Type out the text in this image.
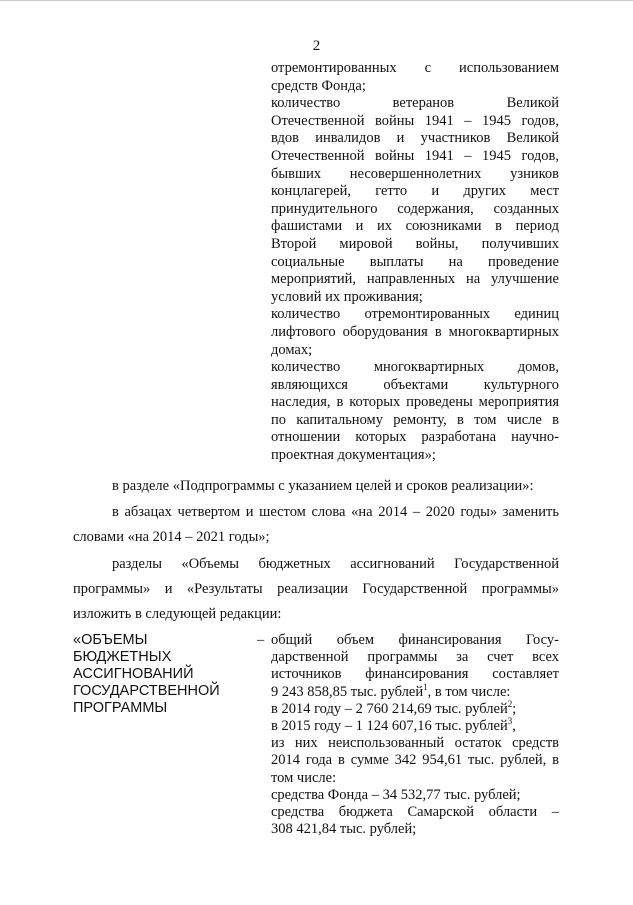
2
отремонтированных с использованием
средств Фонда;
количество ветеранов Великой
Отечественной войны 1941 – 1945 годов,
вдов инвалидов и участников Великой
Отечественной войны 1941 – 1945 годов,
бывших несовершеннолетних узников
концлагерей, гетто и других мест
принудительного содержания, созданных
фашистами и их союзниками в период
Второй мировой войны, получивших
социальные выплаты на проведение
мероприятий, направленных на улучшение
условий их проживания;
количество отремонтированных единиц
лифтового оборудования в многоквартирных
домах;
количество многоквартирных домов,
являющихся объектами культурного
наследия, в которых проведены мероприятия
по капитальному ремонту, в том числе в
отношении которых разработана научно-
проектная документация»;
в разделе «Подпрограммы с указанием целей и сроков реализации»:
в абзацах четвертом и шестом слова «на 2014 – 2020 годы» заменить
словами «на 2014 – 2021 годы»;
разделы «Объемы бюджетных ассигнований Государственной
программы» и «Результаты реализации Государственной программы»
изложить в следующей редакции:
«ОБЪЕМЫ
БЮДЖЕТНЫХ
АССИГНОВАНИЙ
ГОСУДАРСТВЕННОЙ
ПРОГРАММЫ
– общий объем финансирования Госу-
дарственной программы за счет всех
источников финансирования составляет
9 243 858,85 тыс. рублей$^1$, в том числе:
в 2014 году – 2 760 214,69 тыс. рублей$^2$;
в 2015 году – 1 124 607,16 тыс. рублей$^3$,
из них неиспользованный остаток средств
2014 года в сумме 342 954,61 тыс. рублей, в
том числе:
средства Фонда – 34 532,77 тыс. рублей;
средства бюджета Самарской области –
308 421,84 тыс. рублей;
